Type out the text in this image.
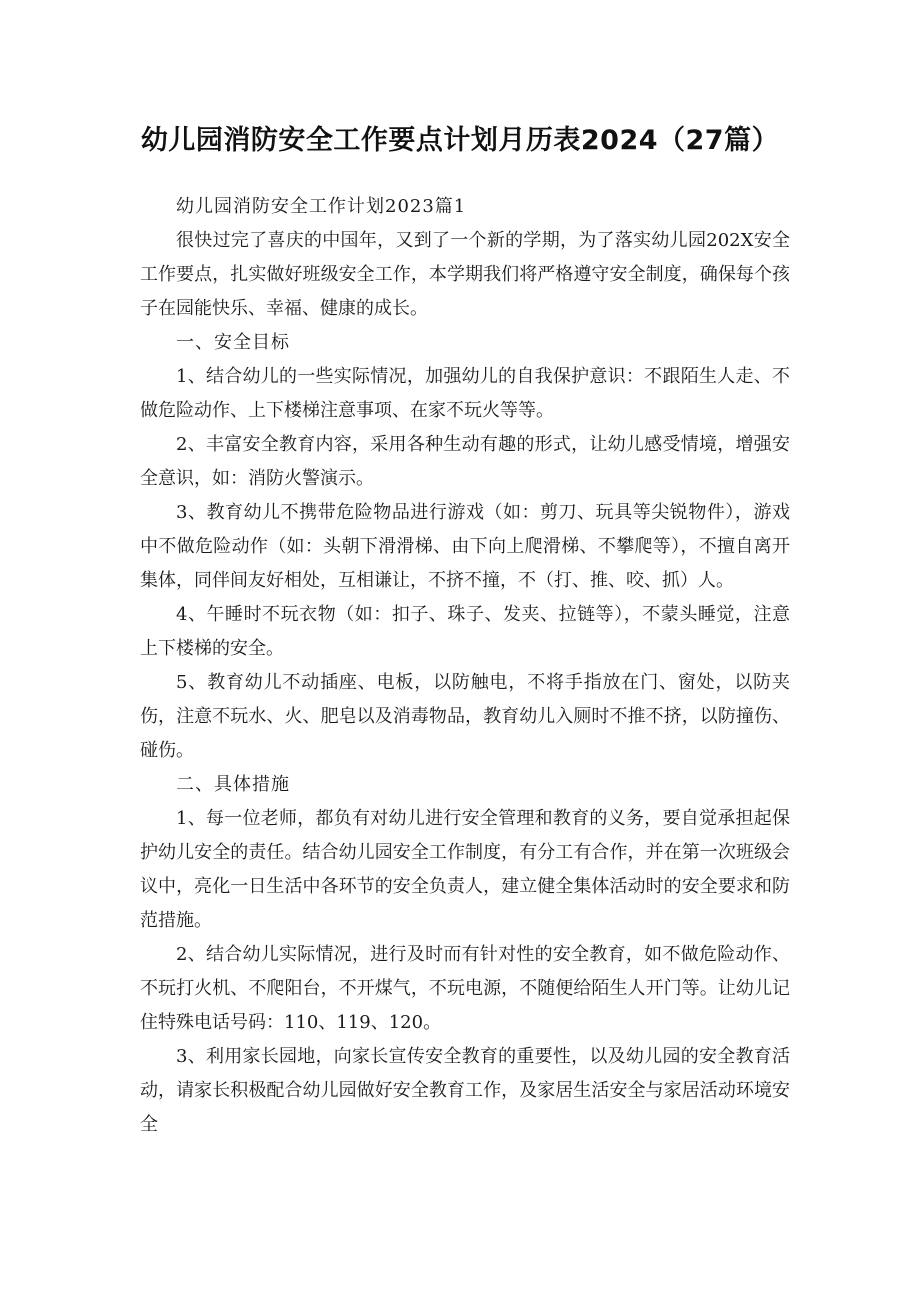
幼儿园消防安全工作要点计划月历表2024（27篇）

幼儿园消防安全工作计划2023篇1

很快过完了喜庆的中国年，又到了一个新的学期，为了落实幼儿园202X安全工作要点，扎实做好班级安全工作，本学期我们将严格遵守安全制度，确保每个孩子在园能快乐、幸福、健康的成长。

一、安全目标

1、结合幼儿的一些实际情况，加强幼儿的自我保护意识：不跟陌生人走、不做危险动作、上下楼梯注意事项、在家不玩火等等。

2、丰富安全教育内容，采用各种生动有趣的形式，让幼儿感受情境，增强安全意识，如：消防火警演示。

3、教育幼儿不携带危险物品进行游戏（如：剪刀、玩具等尖锐物件），游戏中不做危险动作（如：头朝下滑滑梯、由下向上爬滑梯、不攀爬等），不擅自离开集体，同伴间友好相处，互相谦让，不挤不撞，不（打、推、咬、抓）人。

4、午睡时不玩衣物（如：扣子、珠子、发夹、拉链等），不蒙头睡觉，注意上下楼梯的安全。

5、教育幼儿不动插座、电板，以防触电，不将手指放在门、窗处，以防夹伤，注意不玩水、火、肥皂以及消毒物品，教育幼儿入厕时不推不挤，以防撞伤、碰伤。

二、具体措施

1、每一位老师，都负有对幼儿进行安全管理和教育的义务，要自觉承担起保护幼儿安全的责任。结合幼儿园安全工作制度，有分工有合作，并在第一次班级会议中，亮化一日生活中各环节的安全负责人，建立健全集体活动时的安全要求和防范措施。

2、结合幼儿实际情况，进行及时而有针对性的安全教育，如不做危险动作、不玩打火机、不爬阳台，不开煤气，不玩电源，不随便给陌生人开门等。让幼儿记住特殊电话号码：110、119、120。

3、利用家长园地，向家长宣传安全教育的重要性，以及幼儿园的安全教育活动，请家长积极配合幼儿园做好安全教育工作，及家居生活安全与家居活动环境安全
